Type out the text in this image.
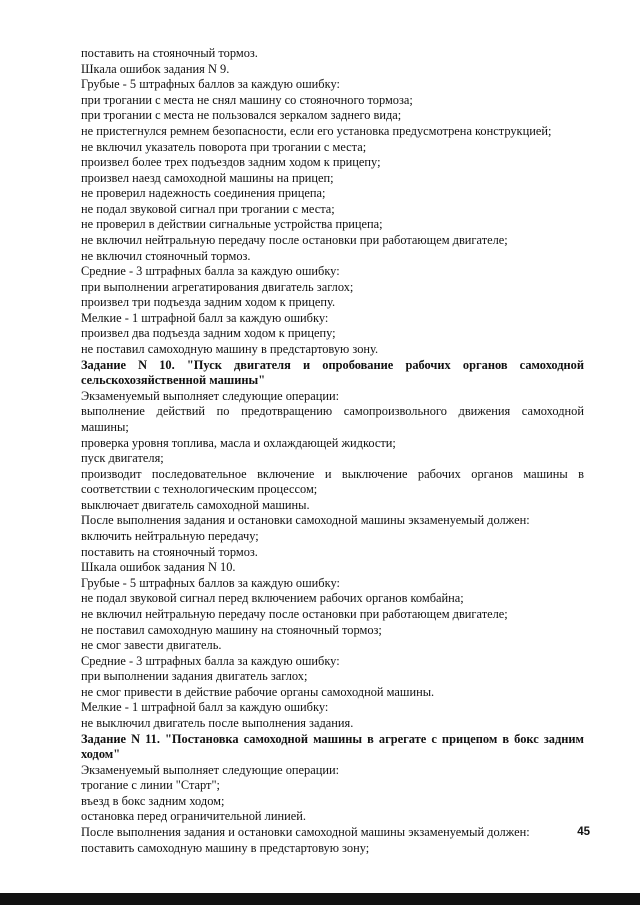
поставить на стояночный тормоз.
Шкала ошибок задания N 9.
Грубые - 5 штрафных баллов за каждую ошибку:
при трогании с места не снял машину со стояночного тормоза;
при трогании с места не пользовался зеркалом заднего вида;
не пристегнулся ремнем безопасности, если его установка предусмотрена конструкцией;
не включил указатель поворота при трогании с места;
произвел более трех подъездов задним ходом к прицепу;
произвел наезд самоходной машины на прицеп;
не проверил надежность соединения прицепа;
не подал звуковой сигнал при трогании с места;
не проверил в действии сигнальные устройства прицепа;
не включил нейтральную передачу после остановки при работающем двигателе;
не включил стояночный тормоз.
Средние - 3 штрафных балла за каждую ошибку:
при выполнении агрегатирования двигатель заглох;
произвел три подъезда задним ходом к прицепу.
Мелкие - 1 штрафной балл за каждую ошибку:
произвел два подъезда задним ходом к прицепу;
не поставил самоходную машину в предстартовую зону.
Задание N 10. "Пуск двигателя и опробование рабочих органов самоходной
сельскохозяйственной машины"
Экзаменуемый выполняет следующие операции:
выполнение действий по предотвращению самопроизвольного движения самоходной
машины;
проверка уровня топлива, масла и охлаждающей жидкости;
пуск двигателя;
производит последовательное включение и выключение рабочих органов машины в
соответствии с технологическим процессом;
выключает двигатель самоходной машины.
После выполнения задания и остановки самоходной машины экзаменуемый должен:
включить нейтральную передачу;
поставить на стояночный тормоз.
Шкала ошибок задания N 10.
Грубые - 5 штрафных баллов за каждую ошибку:
не подал звуковой сигнал перед включением рабочих органов комбайна;
не включил нейтральную передачу после остановки при работающем двигателе;
не поставил самоходную машину на стояночный тормоз;
не смог завести двигатель.
Средние - 3 штрафных балла за каждую ошибку:
при выполнении задания двигатель заглох;
не смог привести в действие рабочие органы самоходной машины.
Мелкие - 1 штрафной балл за каждую ошибку:
не выключил двигатель после выполнения задания.
Задание N 11. "Постановка самоходной машины в агрегате с прицепом в бокс задним
ходом"
Экзаменуемый выполняет следующие операции:
трогание с линии "Старт";
въезд в бокс задним ходом;
остановка перед ограничительной линией.
После выполнения задания и остановки самоходной машины экзаменуемый должен:
поставить самоходную машину в предстартовую зону;
45
